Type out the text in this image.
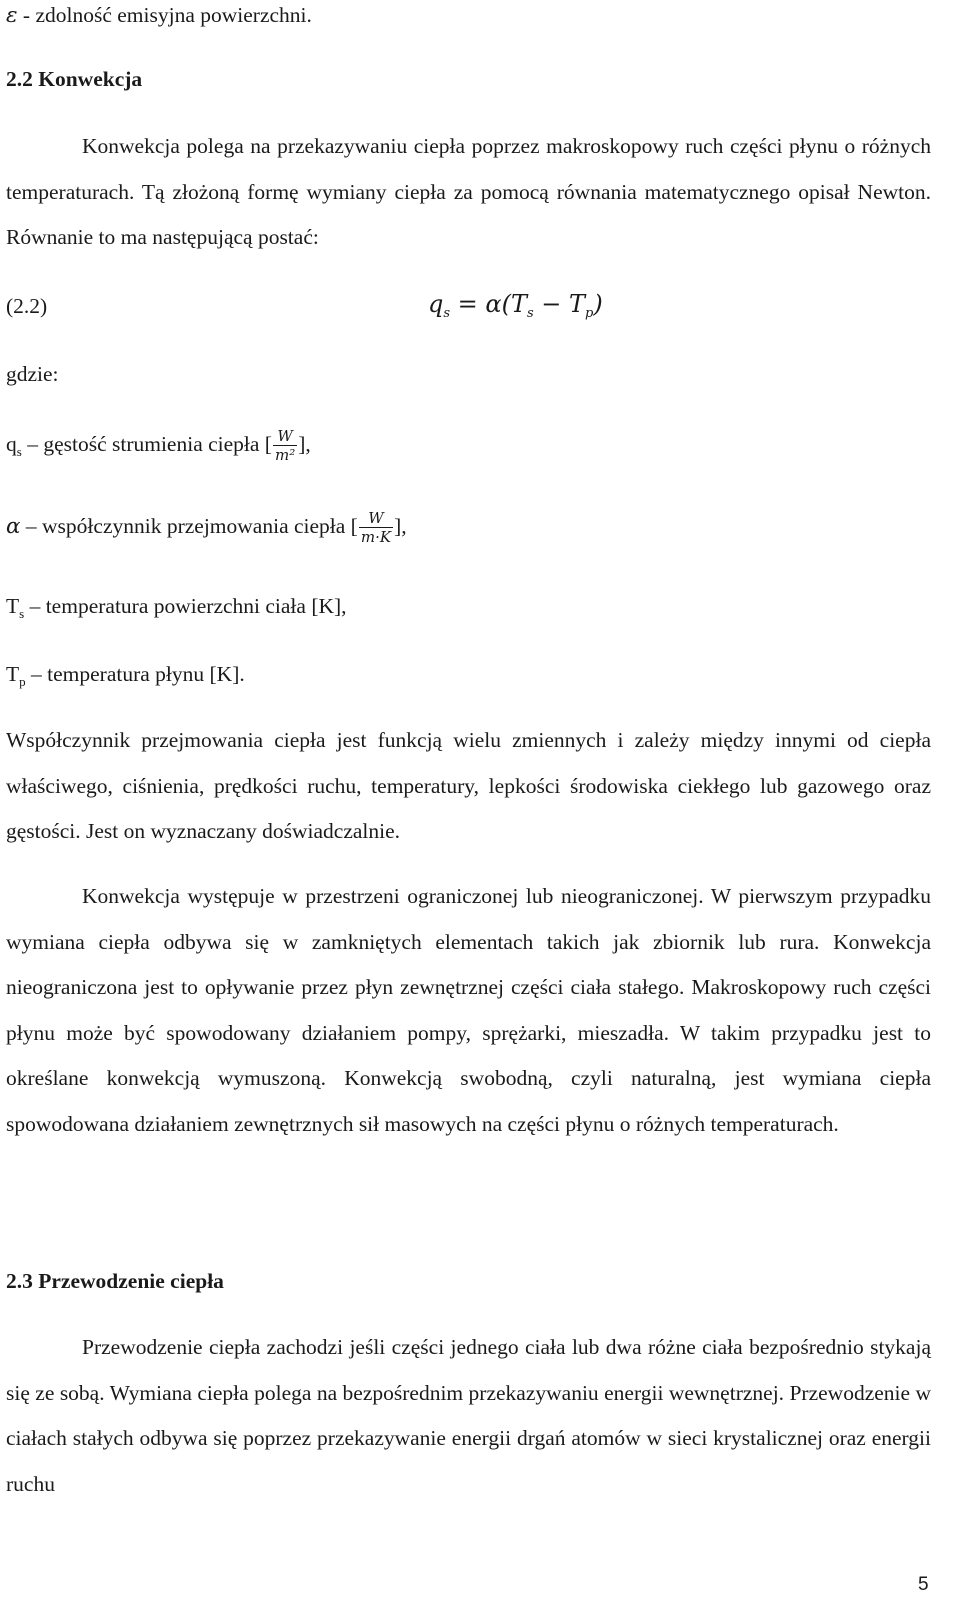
ε - zdolność emisyjna powierzchni.

2.2 Konwekcja

Konwekcja polega na przekazywaniu ciepła poprzez makroskopowy ruch części płynu o różnych temperaturach. Tą złożoną formę wymiany ciepła za pomocą równania matematycznego opisał Newton. Równanie to ma następującą postać:

(2.2)	$q_s = \alpha(T_s - T_p)$
gdzie:
$q_s$ – gęstość strumienia ciepła [ $\frac{W}{\text{m²}}$ ],
α – współczynnik przejmowania ciepła [ $\frac{W}{m\cdot K}$ ],
$T_s$ – temperatura powierzchni ciała [K],
$T_p$ – temperatura płynu [K].

Współczynnik przejmowania ciepła jest funkcją wielu zmiennych i zależy między innymi od ciepła właściwego, ciśnienia, prędkości ruchu, temperatury, lepkości środowiska ciekłego lub gazowego oraz gęstości. Jest on wyznaczany doświadczalnie.

Konwekcja występuje w przestrzeni ograniczonej lub nieograniczonej. W pierwszym przypadku wymiana ciepła odbywa się w zamkniętych elementach takich jak zbiornik lub rura. Konwekcja nieograniczona jest to opływanie przez płyn zewnętrznej części ciała stałego. Makroskopowy ruch części płynu może być spowodowany działaniem pompy, sprężarki, mieszadła. W takim przypadku jest to określane konwekcją wymuszoną. Konwekcją swobodną, czyli naturalną, jest wymiana ciepła spowodowana działaniem zewnętrznych sił masowych na części płynu o różnych temperaturach.

2.3 Przewodzenie ciepła

Przewodzenie ciepła zachodzi jeśli części jednego ciała lub dwa różne ciała bezpośrednio stykają się ze sobą. Wymiana ciepła polega na bezpośrednim przekazywaniu energii wewnętrznej. Przewodzenie w ciałach stałych odbywa się poprzez przekazywanie energii drgań atomów w sieci krystalicznej oraz energii ruchu

5
